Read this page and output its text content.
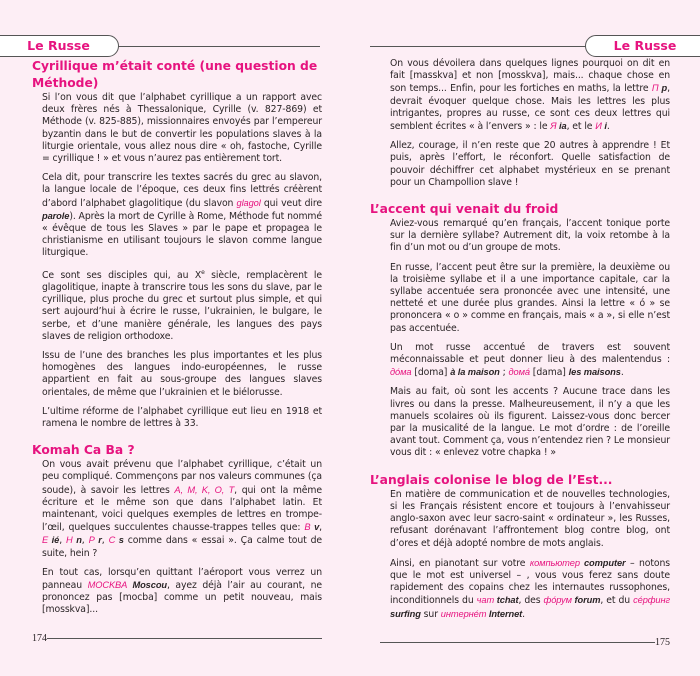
Le Russe
Cyrillique m’était conté (une question de Méthode)

Si l’on vous dit que l’alphabet cyrillique a un rapport avec deux frères nés à Thessalonique, Cyrille (v. 827-869) et Méthode (v. 825-885), missionnaires envoyés par l’empereur byzantin dans le but de convertir les populations slaves à la liturgie orientale, vous allez nous dire « oh, fastoche, Cyrille = cyrillique ! » et vous n’aurez pas entièrement tort.

Cela dit, pour transcrire les textes sacrés du grec au slavon, la langue locale de l’époque, ces deux fins lettrés créèrent d’abord l’alphabet glagolitique (du slavon glagol qui veut dire parole). Après la mort de Cyrille à Rome, Méthode fut nommé « évêque de tous les Slaves » par le pape et propagea le christianisme en utilisant toujours le slavon comme langue liturgique.

Ce sont ses disciples qui, au Xe siècle, remplacèrent le glagolitique, inapte à transcrire tous les sons du slave, par le cyrillique, plus proche du grec et surtout plus simple, et qui sert aujourd’hui à écrire le russe, l’ukrainien, le bulgare, le serbe, et d’une manière générale, les langues des pays slaves de religion orthodoxe.

Issu de l’une des branches les plus importantes et les plus homogènes des langues indo-européennes, le russe appartient en fait au sous-groupe des langues slaves orientales, de même que l’ukrainien et le biélorusse.

L’ultime réforme de l’alphabet cyrillique eut lieu en 1918 et ramena le nombre de lettres à 33.

Komah Ca Ba ?

On vous avait prévenu que l’alphabet cyrillique, c’était un peu compliqué. Commençons par nos valeurs communes (ça soude), à savoir les lettres A, M, K, O, T, qui ont la même écriture et le même son que dans l’alphabet latin. Et maintenant, voici quelques exemples de lettres en trompe-l’œil, quelques succulentes chausse-trappes telles que: B v, E ié, H n, P r, C s comme dans « essai ». Ça calme tout de suite, hein ?

En tout cas, lorsqu’en quittant l’aéroport vous verrez un panneau MOCKBA Moscou, ayez déjà l’air au courant, ne prononcez pas [mocba] comme un petit nouveau, mais [mosskva]...

174
Le Russe

On vous dévoilera dans quelques lignes pourquoi on dit en fait [masskva] et non [mosskva], mais... chaque chose en son temps... Enfin, pour les fortiches en maths, la lettre П p, devrait évoquer quelque chose. Mais les lettres les plus intrigantes, propres au russe, ce sont ces deux lettres qui semblent écrites « à l’envers » : le Я ia, et le И i.

Allez, courage, il n’en reste que 20 autres à apprendre ! Et puis, après l’effort, le réconfort. Quelle satisfaction de pouvoir déchiffrer cet alphabet mystérieux en se prenant pour un Champollion slave !

L’accent qui venait du froid

Aviez-vous remarqué qu’en français, l’accent tonique porte sur la dernière syllabe? Autrement dit, la voix retombe à la fin d’un mot ou d’un groupe de mots.

En russe, l’accent peut être sur la première, la deuxième ou la troisième syllabe et il a une importance capitale, car la syllabe accentuée sera prononcée avec une intensité, une netteté et une durée plus grandes. Ainsi la lettre « ó » se prononcera « o » comme en français, mais « a », si elle n’est pas accentuée.

Un mot russe accentué de travers est souvent méconnaissable et peut donner lieu à des malentendus : дóма [doma] à la maison ; домá [dama] les maisons.

Mais au fait, où sont les accents ? Aucune trace dans les livres ou dans la presse. Malheureusement, il n’y a que les manuels scolaires où ils figurent. Laissez-vous donc bercer par la musicalité de la langue. Le mot d’ordre : de l’oreille avant tout. Comment ça, vous n’entendez rien ? Le monsieur vous dit : « enlevez votre chapka ! »

L’anglais colonise le blog de l’Est...

En matière de communication et de nouvelles technologies, si les Français résistent encore et toujours à l’envahisseur anglo-saxon avec leur sacro-saint « ordinateur », les Russes, refusant dorénavant l’affrontement blog contre blog, ont d’ores et déjà adopté nombre de mots anglais.

Ainsi, en pianotant sur votre компьютер computer – notons que le mot est universel – , vous vous ferez sans doute rapidement des copains chez les internautes russophones, inconditionnels du чат tchat, des фóрум forum, et du сéрфинг surfing sur интернéт Internet.

175
